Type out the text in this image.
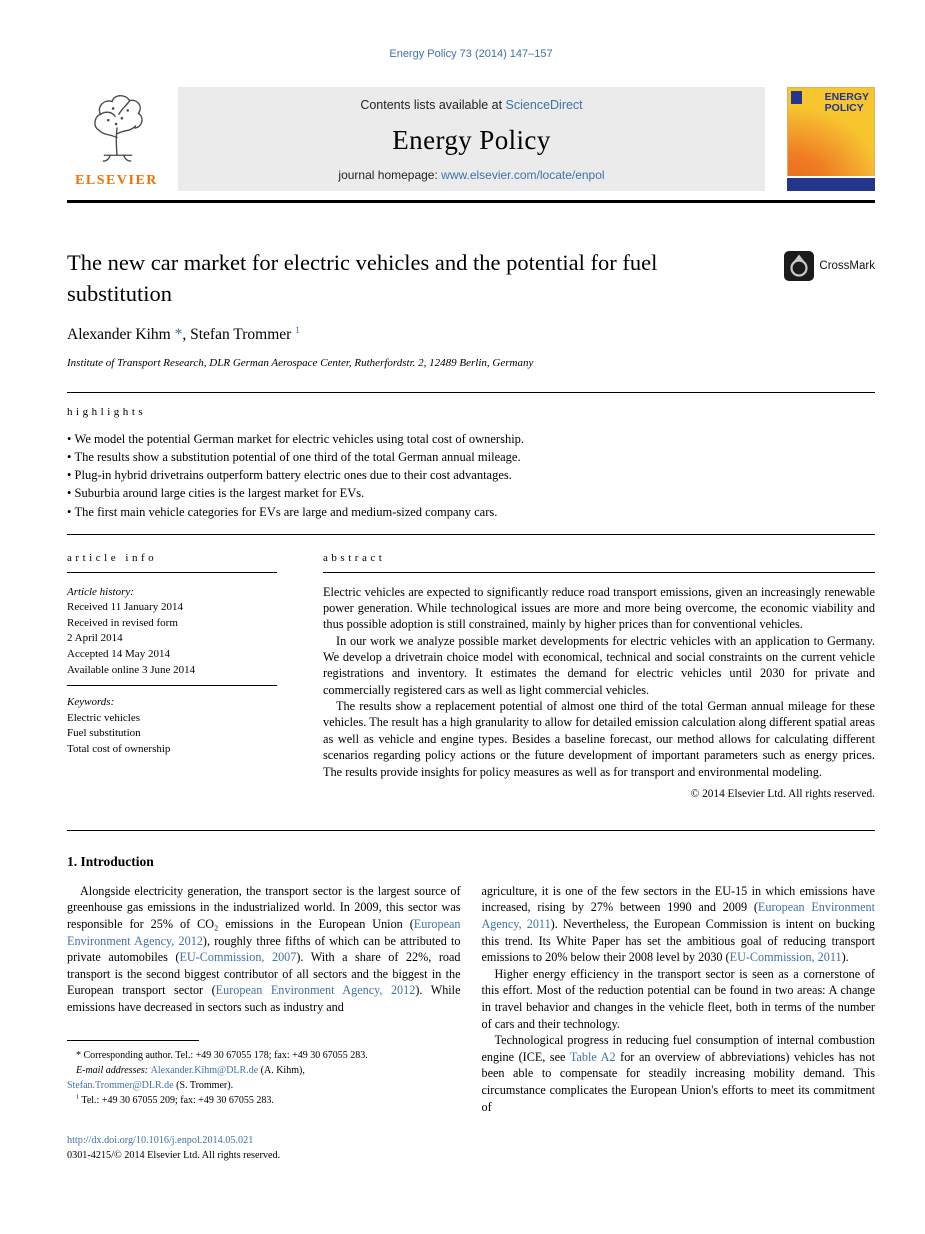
Energy Policy 73 (2014) 147–157
ELSEVIER
Contents lists available at ScienceDirect
Energy Policy
journal homepage: www.elsevier.com/locate/enpol
ENERGY
POLICY
The new car market for electric vehicles and the potential for fuel substitution
CrossMark
Alexander Kihm *, Stefan Trommer $^1$
Institute of Transport Research, DLR German Aerospace Center, Rutherfordstr. 2, 12489 Berlin, Germany
highlights
• We model the potential German market for electric vehicles using total cost of ownership.
• The results show a substitution potential of one third of the total German annual mileage.
• Plug-in hybrid drivetrains outperform battery electric ones due to their cost advantages.
• Suburbia around large cities is the largest market for EVs.
• The first main vehicle categories for EVs are large and medium-sized company cars.
article info
Article history:
Received 11 January 2014
Received in revised form
2 April 2014
Accepted 14 May 2014
Available online 3 June 2014
Keywords:
Electric vehicles
Fuel substitution
Total cost of ownership
abstract

Electric vehicles are expected to significantly reduce road transport emissions, given an increasingly renewable power generation. While technological issues are more and more being overcome, the economic viability and thus possible adoption is still constrained, mainly by higher prices than for conventional vehicles.

In our work we analyze possible market developments for electric vehicles with an application to Germany. We develop a drivetrain choice model with economical, technical and social constraints on the current vehicle registrations and inventory. It estimates the demand for electric vehicles until 2030 for private and commercially registered cars as well as light commercial vehicles.

The results show a replacement potential of almost one third of the total German annual mileage for these vehicles. The result has a high granularity to allow for detailed emission calculation along different spatial areas as well as vehicle and engine types. Besides a baseline forecast, our method allows for calculating different scenarios regarding policy actions or the future development of important parameters such as energy prices. The results provide insights for policy measures as well as for transport and environmental modeling.

© 2014 Elsevier Ltd. All rights reserved.
1. Introduction

Alongside electricity generation, the transport sector is the largest source of greenhouse gas emissions in the industrialized world. In 2009, this sector was responsible for 25% of CO₂ emissions in the European Union (European Environment Agency, 2012), roughly three fifths of which can be attributed to private automobiles (EU-Commission, 2007). With a share of 22%, road transport is the second biggest contributor of all sectors and the biggest in the European transport sector (European Environment Agency, 2012). While emissions have decreased in sectors such as industry and

* Corresponding author. Tel.: +49 30 67055 178; fax: +49 30 67055 283.

E-mail addresses: Alexander.Kihm@DLR.de (A. Kihm),

Stefan.Trommer@DLR.de (S. Trommer).

$^1$ Tel.: +49 30 67055 209; fax: +49 30 67055 283.

agriculture, it is one of the few sectors in the EU-15 in which emissions have increased, rising by 27% between 1990 and 2009 (European Environment Agency, 2011). Nevertheless, the European Commission is intent on bucking this trend. Its White Paper has set the ambitious goal of reducing transport emissions to 20% below their 2008 level by 2030 (EU-Commission, 2011).

Higher energy efficiency in the transport sector is seen as a cornerstone of this effort. Most of the reduction potential can be found in two areas: A change in travel behavior and changes in the vehicle fleet, both in terms of the number of cars and their technology.

Technological progress in reducing fuel consumption of internal combustion engine (ICE, see Table A2 for an overview of abbreviations) vehicles has not been able to compensate for steadily increasing mobility demand. This circumstance complicates the European Union's efforts to meet its commitment of

http://dx.doi.org/10.1016/j.enpol.2014.05.021
0301-4215/© 2014 Elsevier Ltd. All rights reserved.
